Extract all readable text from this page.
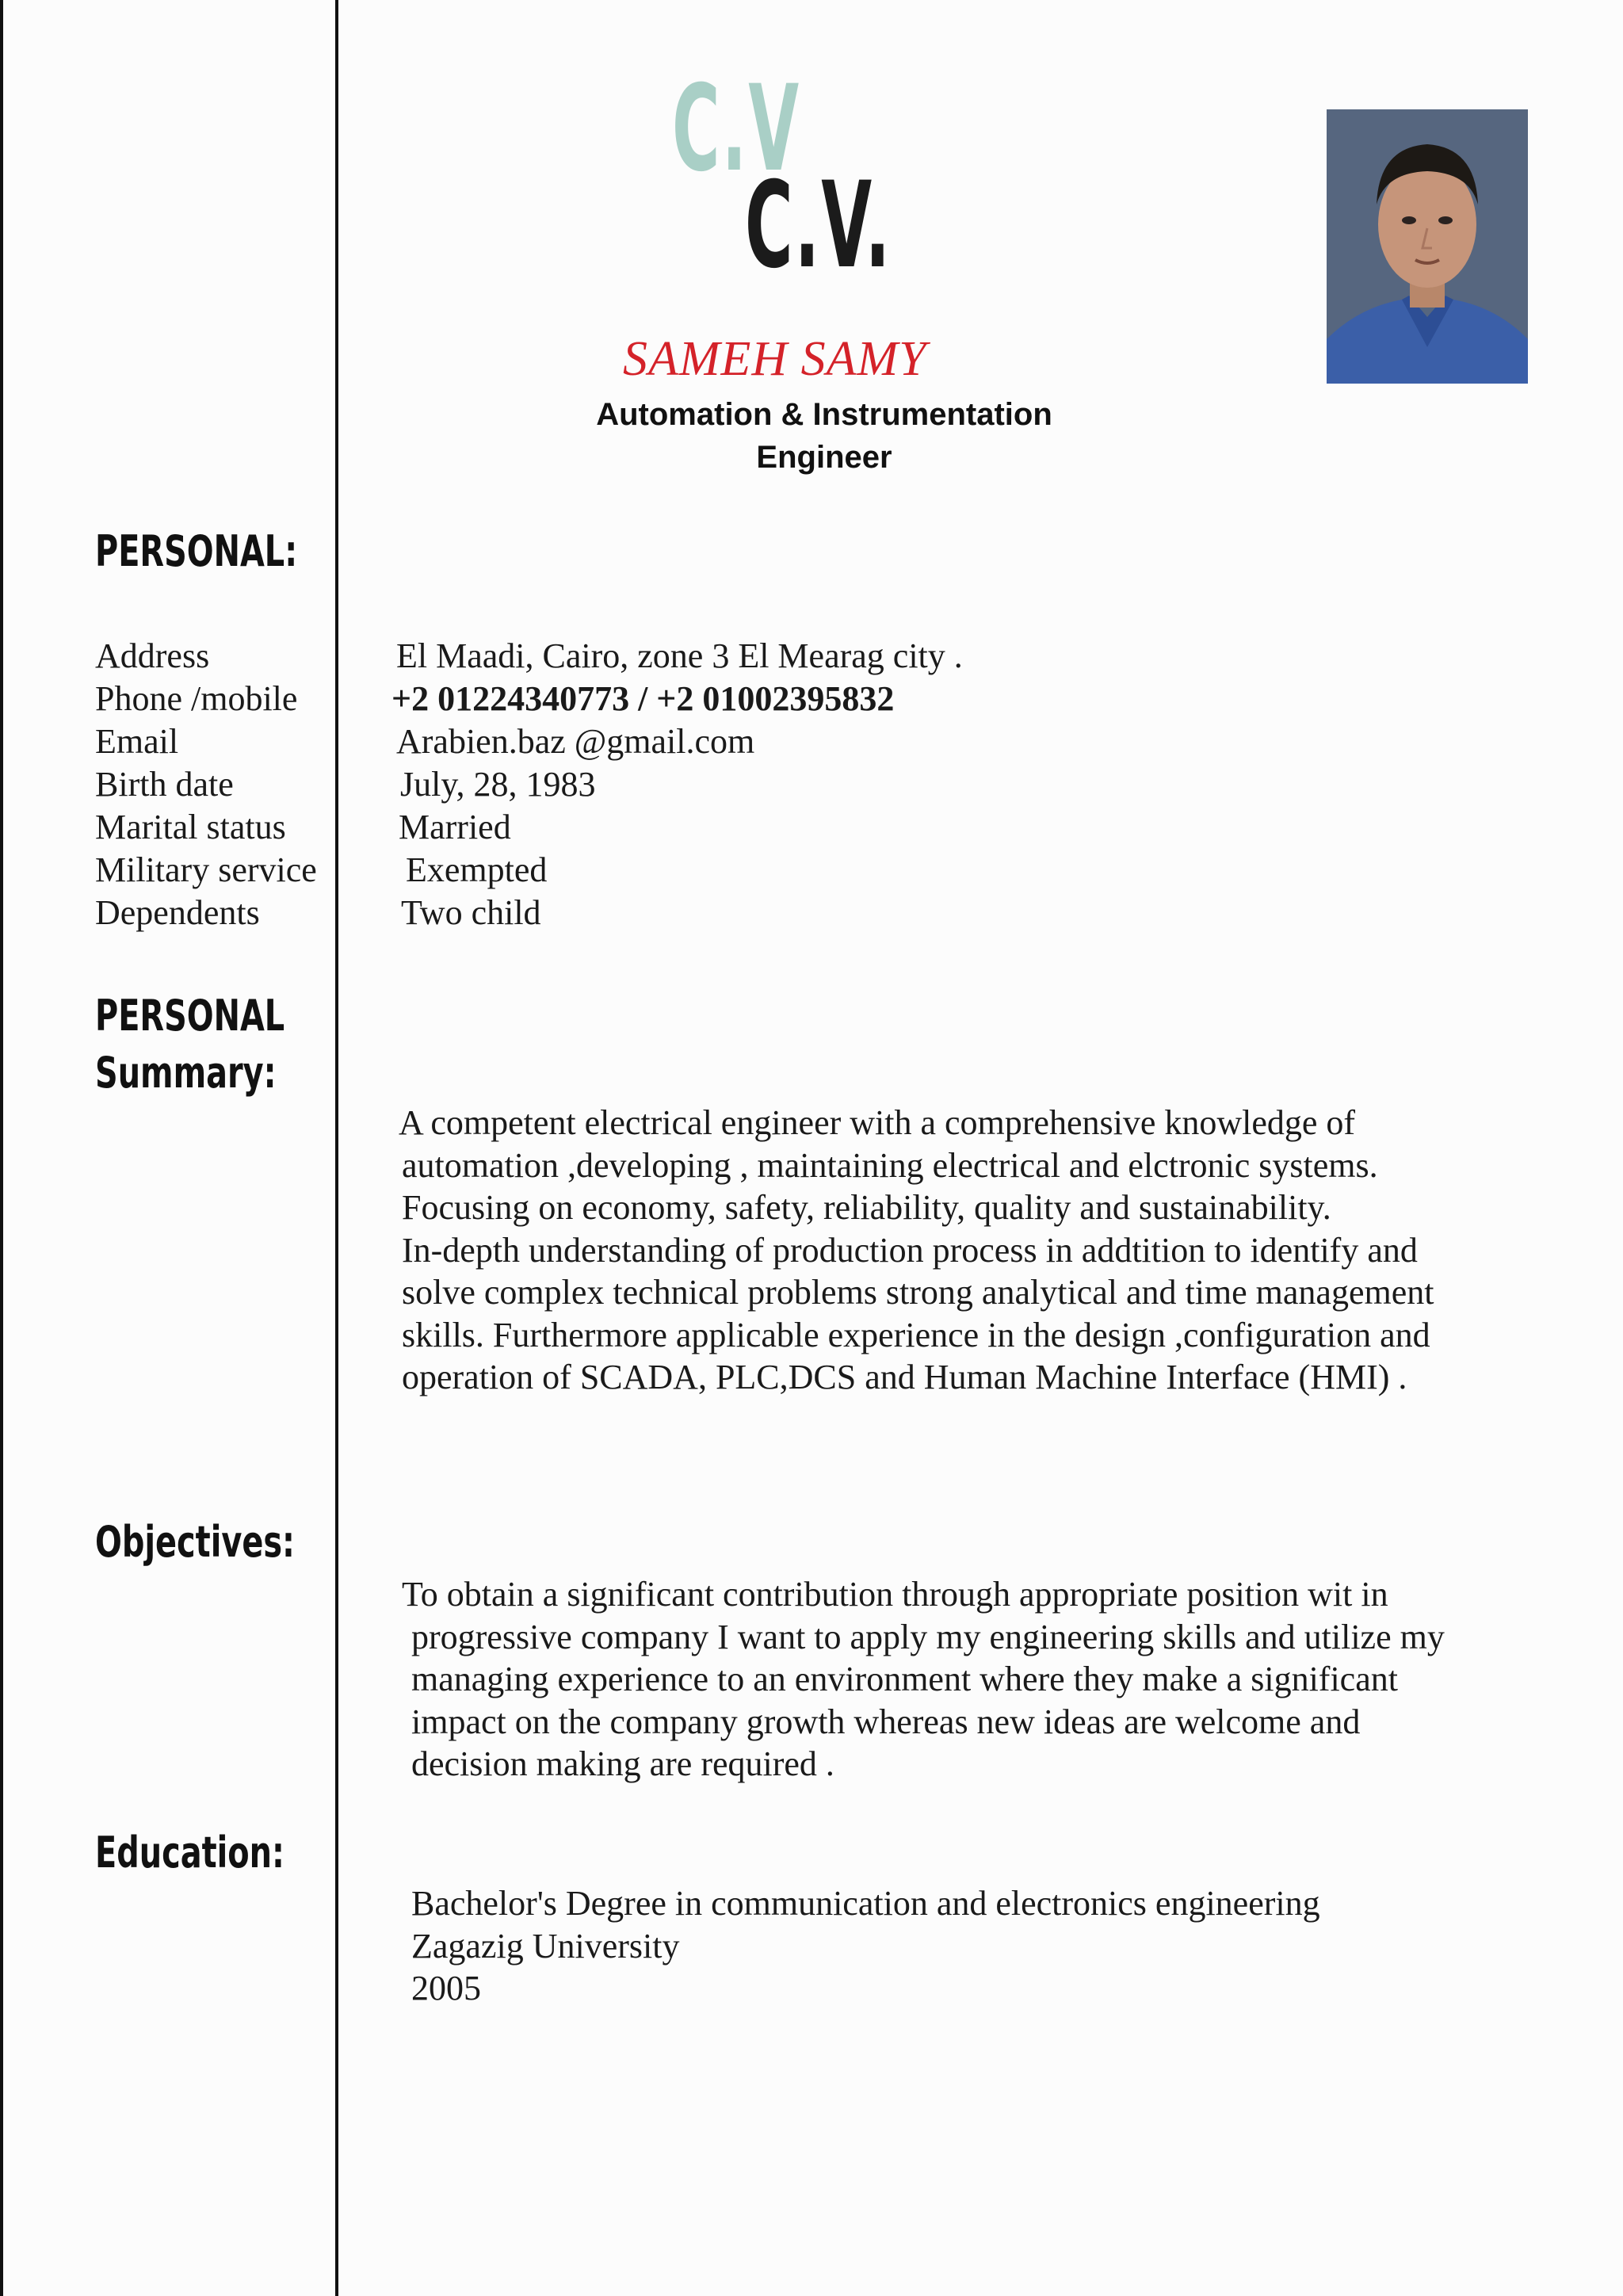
C.V
C.V.
SAMEH SAMY
Automation & Instrumentation
Engineer
PERSONAL:
Address	El Maadi, Cairo, zone 3 El Mearag city .
Phone /mobile	+2 01224340773 / +2 01002395832
Email	Arabien.baz @gmail.com
Birth date	July, 28, 1983
Marital status	Married
Military service	Exempted
Dependents	Two child
PERSONAL
Summary:
A competent electrical engineer with a comprehensive knowledge of
automation ,developing , maintaining electrical and elctronic systems.
Focusing on economy, safety, reliability, quality and sustainability.
In-depth understanding of production process in addtition to identify and
solve complex technical problems strong analytical and time management
skills. Furthermore applicable experience in the design ,configuration and
operation of SCADA, PLC,DCS and Human Machine Interface (HMI) .
Objectives:
To obtain a significant contribution through appropriate position wit in
progressive company I want to apply my engineering skills and utilize my
managing experience to an environment where they make a significant
impact on the company growth whereas new ideas are welcome and
decision making are required .
Education:
Bachelor's Degree in communication and electronics engineering
Zagazig University
2005
